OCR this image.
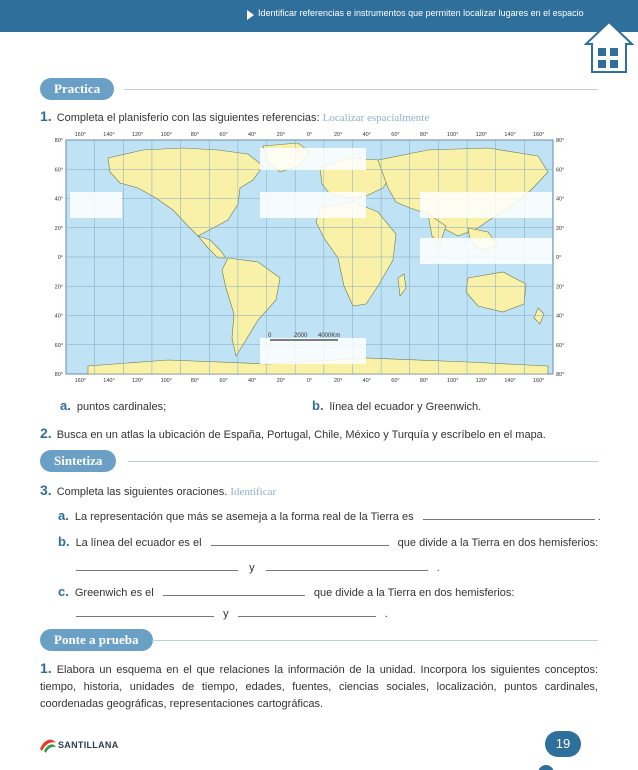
Identificar referencias e instrumentos que permiten localizar lugares en el espacio
Practica
1. Completa el planisferio con las siguientes referencias: Localizar espacialmente
160°	140°	120°	100°	80°	60°	40°	20°	0°	20°	40°	60°	80°	100°	120°	140°	160°
160°	140°	120°	100°	80°	60°	40°	20°	0°	20°	40°	60°	80°	100°	120°	140°	160°
80°
60°
40°
20°
0°
20°
40°
60°
80°
80°
60°
40°
20°
0°
20°
40°
60°
80°
0	2000 4000Km
a. puntos cardinales;	b. línea del ecuador y Greenwich.
2. Busca en un atlas la ubicación de España, Portugal, Chile, México y Turquía y escríbelo en el mapa.
Sintetiza
3. Completa las siguientes oraciones. Identificar
a. La representación que más se asemeja a la forma real de la Tierra es	.
b. La línea del ecuador es el	que divide a la Tierra en dos hemisferios:
y	.
c. Greenwich es el	que divide a la Tierra en dos hemisferios:
y	.
Ponte a prueba
1. Elabora un esquema en el que relaciones la información de la unidad. Incorpora los siguientes conceptos: tiempo, historia, unidades de tiempo, edades, fuentes, ciencias sociales, localización, puntos cardinales, coordenadas geográficas, representaciones cartográficas.
SANTILLANA	19
